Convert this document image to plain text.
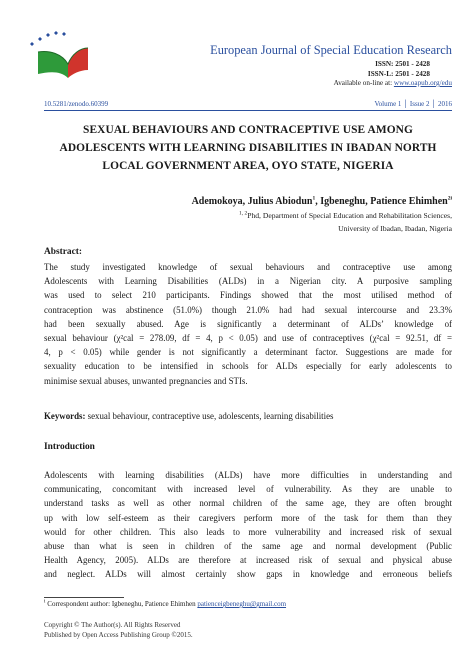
European Journal of Special Education Research
ISSN: 2501 - 2428
ISSN-L: 2501 - 2428
Available on-line at: www.oapub.org/edu
10.5281/zenodo.60399	Volume 1 │ Issue 2 │ 2016
SEXUAL BEHAVIOURS AND CONTRACEPTIVE USE AMONG
ADOLESCENTS WITH LEARNING DISABILITIES IN IBADAN NORTH
LOCAL GOVERNMENT AREA, OYO STATE, NIGERIA
Ademokoya, Julius Abiodun$^1$, Igbeneghu, Patience Ehimhen$^{2i}$
$^{1, 2}$Phd, Department of Special Education and Rehabilitation Sciences,
University of Ibadan, Ibadan, Nigeria
Abstract:
The study investigated knowledge of sexual behaviours and contraceptive use among
Adolescents with Learning Disabilities (ALDs) in a Nigerian city. A purposive sampling
was used to select 210 participants. Findings showed that the most utilised method of
contraception was abstinence (51.0%) though 21.0% had had sexual intercourse and 23.3%
had been sexually abused. Age is significantly a determinant of ALDs’ knowledge of
sexual behaviour (χ²cal = 278.09, df = 4, p < 0.05) and use of contraceptives (χ²cal = 92.51, df =
4, p < 0.05) while gender is not significantly a determinant factor. Suggestions are made for
sexuality education to be intensified in schools for ALDs especially for early adolescents to
minimise sexual abuses, unwanted pregnancies and STIs.
Keywords: sexual behaviour, contraceptive use, adolescents, learning disabilities
Introduction
Adolescents with learning disabilities (ALDs) have more difficulties in understanding and
communicating, concomitant with increased level of vulnerability. As they are unable to
understand tasks as well as other normal children of the same age, they are often brought
up with low self-esteem as their caregivers perform more of the task for them than they
would for other children. This also leads to more vulnerability and increased risk of sexual
abuse than what is seen in children of the same age and normal development (Public
Health Agency, 2005). ALDs are therefore at increased risk of sexual and physical abuse
and neglect. ALDs will almost certainly show gaps in knowledge and erroneous beliefs
$^i$ Correspondent author: Igbeneghu, Patience Ehimhen patienceigbeneghu@gmail.com
Copyright © The Author(s). All Rights Reserved
Published by Open Access Publishing Group ©2015.
